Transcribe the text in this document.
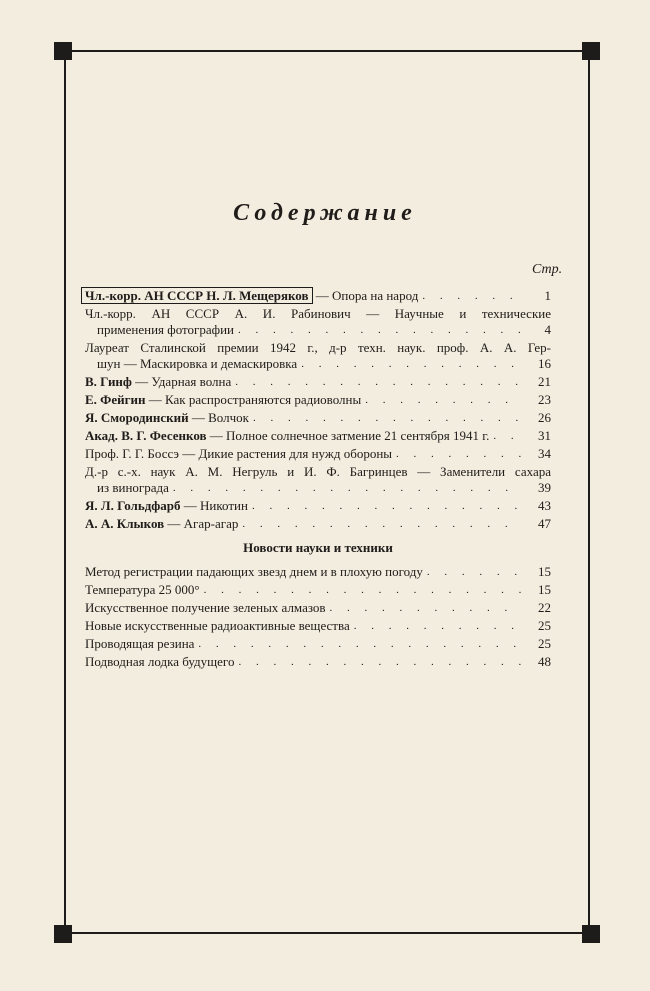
Содержание
Стр.
Чл.-корр. АН СССР Н. Л. Мещеряков — Опора на народ . . .	1
Чл.-корр. АН СССР А. И. Рабинович — Научные и технические
применения фотографии . . .	4
Лауреат Сталинской премии 1942 г., д-р техн. наук. проф. А. А. Гер-
шун — Маскировка и демаскировка . . .	16
В. Гинф — Ударная волна . . .	21
Е. Фейгин — Как распространяются радиоволны . . .	23
Я. Смородинский — Волчок . . .	26
Акад. В. Г. Фесенков — Полное солнечное затмение 21 сентября 1941 г. . . .	31
Проф. Г. Г. Боссэ — Дикие растения для нужд обороны . . .	34
Д.-р с.-х. наук А. М. Негруль и И. Ф. Багринцев — Заменители сахара
из винограда . . .	39
Я. Л. Гольдфарб — Никотин . . .	43
А. А. Клыков — Агар-агар . . .	47
Новости науки и техники
Метод регистрации падающих звезд днем и в плохую погоду . . .	15
Температура 25 000° . . .	15
Искусственное получение зеленых алмазов . . .	22
Новые искусственные радиоактивные вещества . . .	25
Проводящая резина . . .	25
Подводная лодка будущего . . .	48
